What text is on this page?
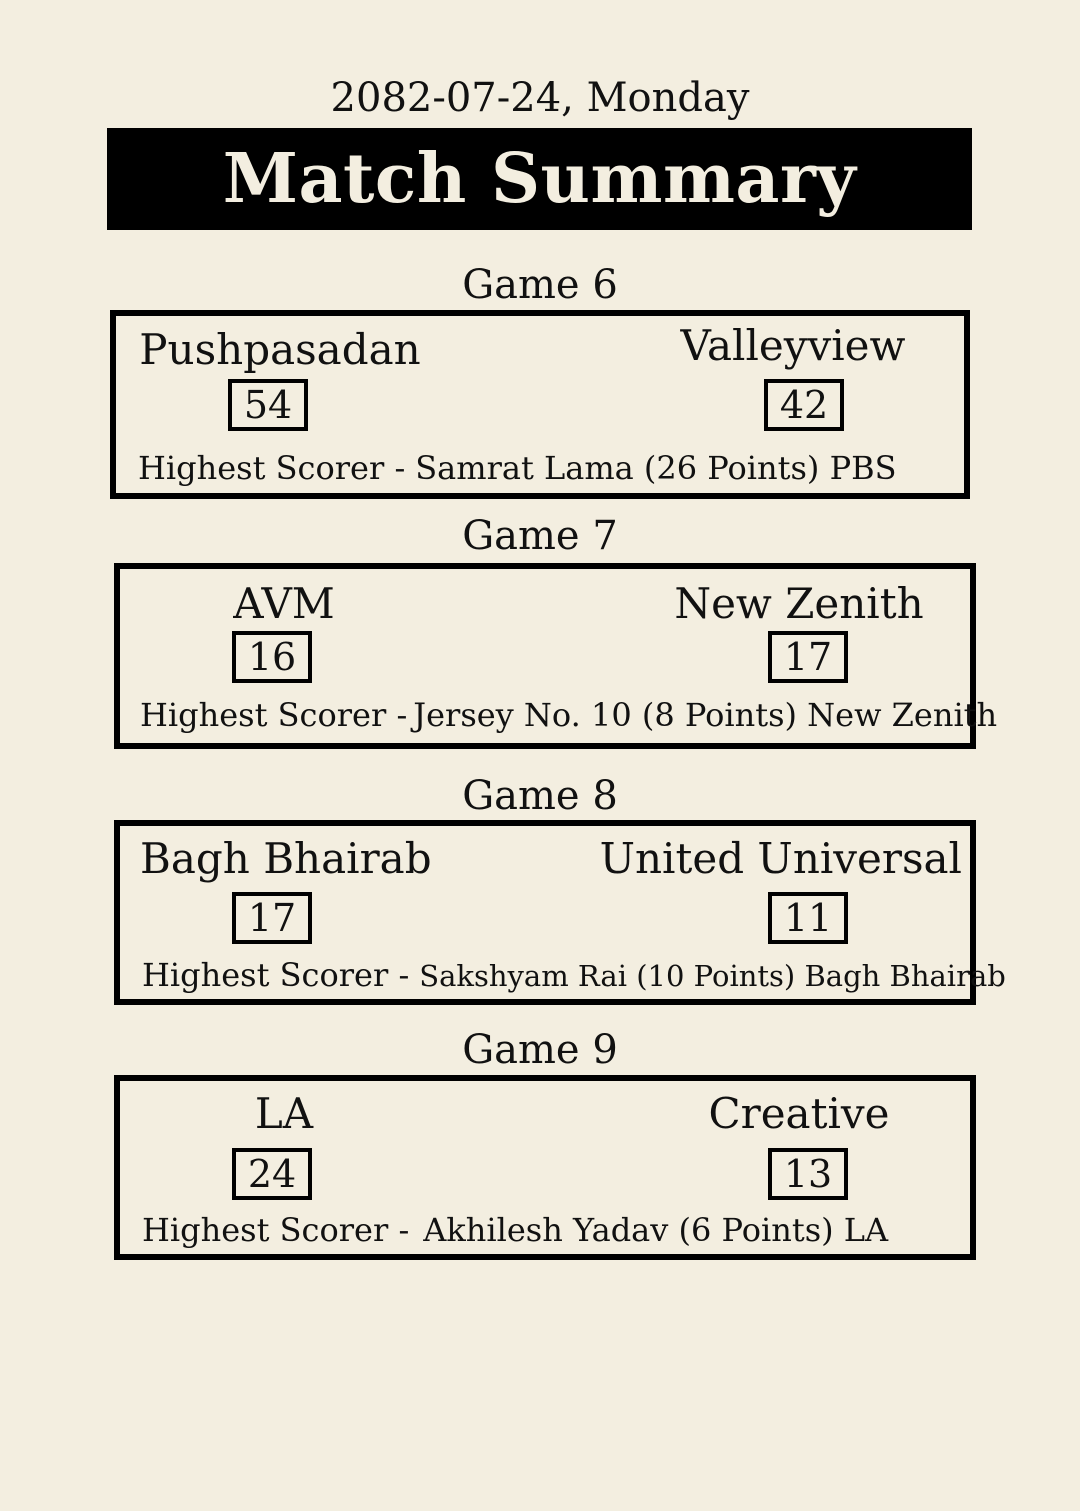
2082-07-24, Monday
Match Summary
Game 6
Pushpasadan	Valleyview
54	42
Highest Scorer - Samrat Lama (26 Points) PBS
Game 7
AVM	New Zenith
16	17
Highest Scorer - Jersey No. 10 (8 Points) New Zenith
Game 8
Bagh Bhairab	United Universal
17	11
Highest Scorer - Sakshyam Rai (10 Points) Bagh Bhairab
Game 9
LA	Creative
24	13
Highest Scorer - Akhilesh Yadav (6 Points) LA
